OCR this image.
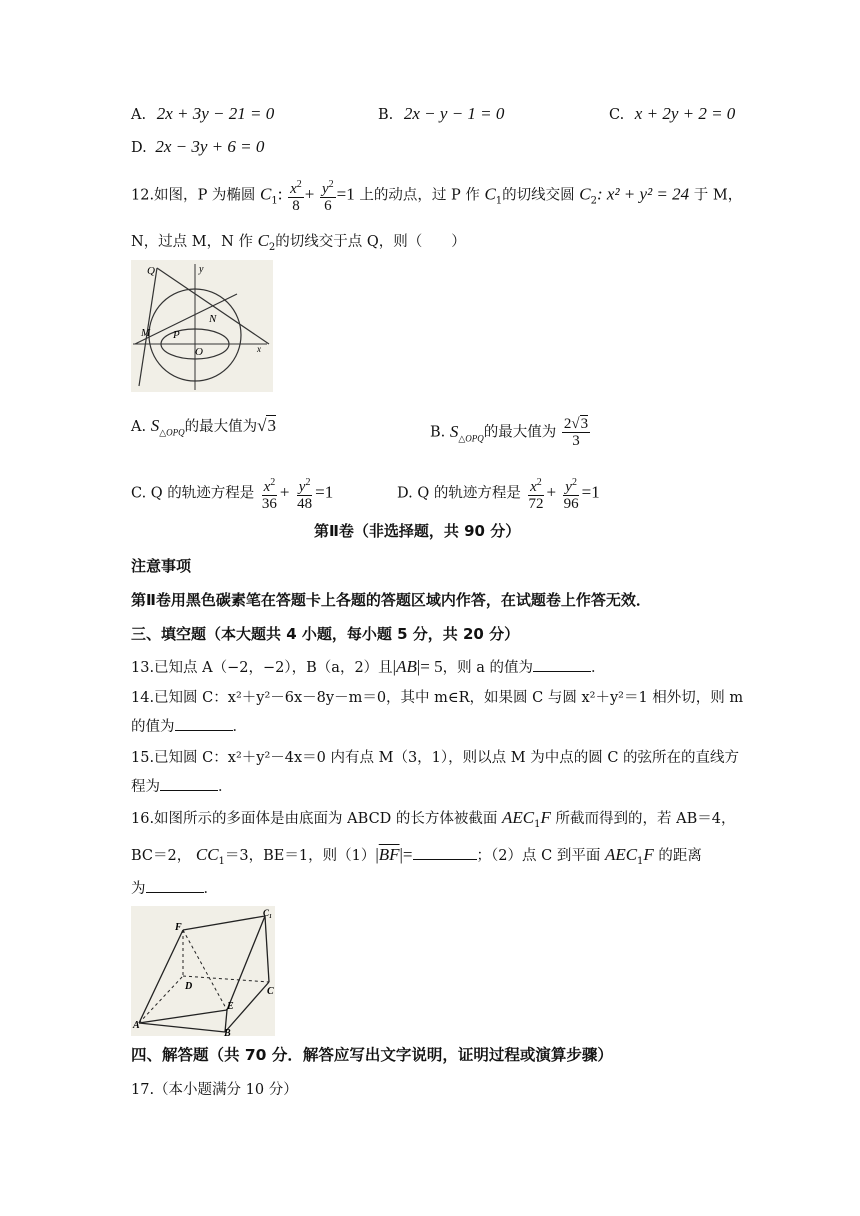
A. 2x + 3y − 21 = 0	B. 2x − y − 1 = 0	C. x + 2y + 2 = 0
D. 2x − 3y + 6 = 0
12.如图，P 为椭圆 $C_1$: $\frac{x^2}{8} + \frac{y^2}{6} =1$ 上的动点，过 P 作 $C_1$的切线交圆 $C_2$: x² + y² = 24 于 M，
N，过点 M，N 作 $C_2$的切线交于点 Q，则（　　）
Q	y
N
M P
O	x
A. $S_{\triangle OPQ}$的最大值为√3	B. $S_{\triangle OPQ}$的最大值为 $\frac{2√3}{3}$
C. Q 的轨迹方程是 $\frac{x^2}{36} + \frac{y^2}{48} =1$	D. Q 的轨迹方程是 $\frac{x^2}{72} + \frac{y^2}{96} =1$
第Ⅱ卷（非选择题，共 90 分）
注意事项
第Ⅱ卷用黑色碳素笔在答题卡上各题的答题区域内作答，在试题卷上作答无效．
三、填空题（本大题共 4 小题，每小题 5 分，共 20 分）
13.已知点 A（−2，−2），B（a，2）且|AB|= 5，则 a 的值为	．
14.已知圆 C：x²＋y²－6x－8y－m＝0，其中 m∈R，如果圆 C 与圆 x²＋y²＝1 相外切，则 m
的值为	．
15.已知圆 C：x²＋y²－4x＝0 内有点 M（3，1），则以点 M 为中点的圆 C 的弦所在的直线方
程为	．
16.如图所示的多面体是由底面为 ABCD 的长方体被截面 $AEC_1F$ 所截而得到的，若 AB＝4，
BC＝2， $CC_1=3$，BE＝1，则$(1)|\overline{BF}|=$	；（2）点 C 到平面 $AEC_1F$ 的距离
为	．
F
C₁
D	C
E
A
B
四、解答题（共 70 分．解答应写出文字说明，证明过程或演算步骤）
17.（本小题满分 10 分）
